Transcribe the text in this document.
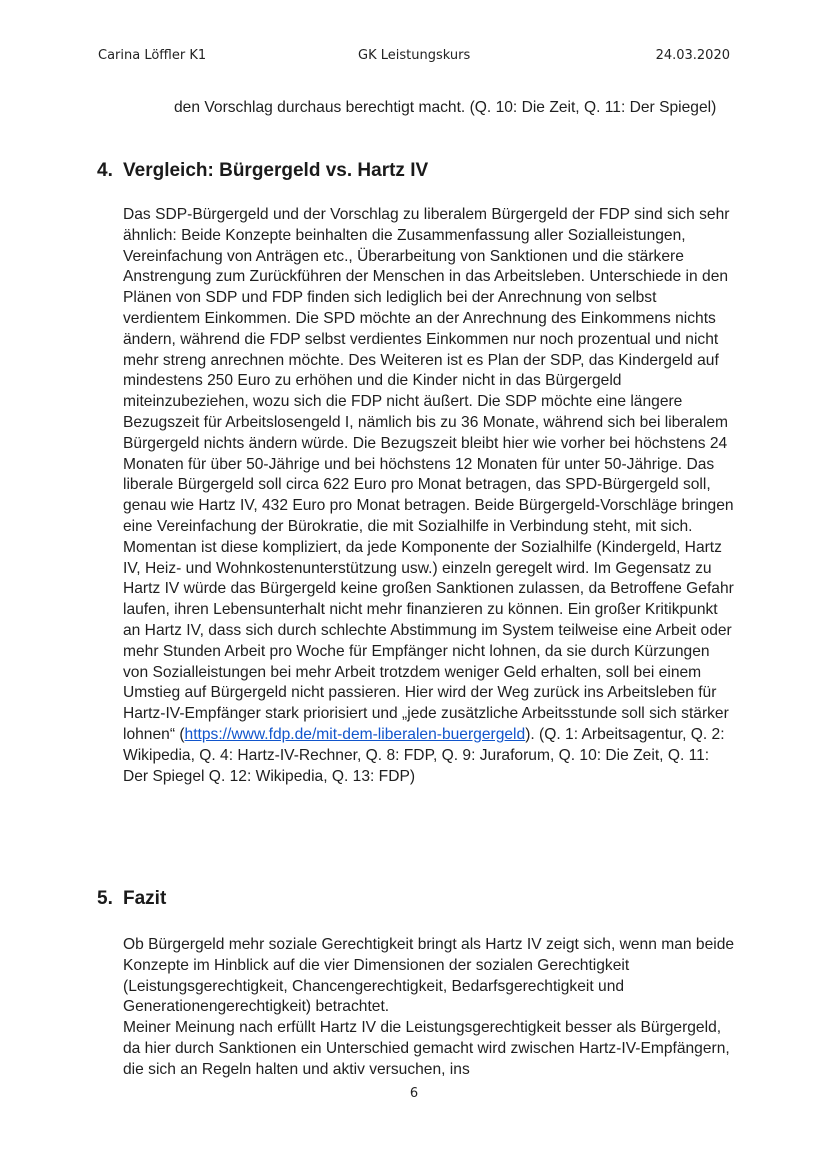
Carina Löffler K1	GK Leistungskurs	24.03.2020

den Vorschlag durchaus berechtigt macht. (Q. 10: Die Zeit, Q. 11: Der Spiegel)

4. Vergleich: Bürgergeld vs. Hartz IV

Das SDP-Bürgergeld und der Vorschlag zu liberalem Bürgergeld der FDP sind sich sehr ähnlich: Beide Konzepte beinhalten die Zusammenfassung aller Sozialleistungen, Vereinfachung von Anträgen etc., Überarbeitung von Sanktionen und die stärkere Anstrengung zum Zurückführen der Menschen in das Arbeitsleben. Unterschiede in den Plänen von SDP und FDP finden sich lediglich bei der Anrechnung von selbst verdientem Einkommen. Die SPD möchte an der Anrechnung des Einkommens nichts ändern, während die FDP selbst verdientes Einkommen nur noch prozentual und nicht mehr streng anrechnen möchte. Des Weiteren ist es Plan der SDP, das Kindergeld auf mindestens 250 Euro zu erhöhen und die Kinder nicht in das Bürgergeld miteinzubeziehen, wozu sich die FDP nicht äußert. Die SDP möchte eine längere Bezugszeit für Arbeitslosengeld I, nämlich bis zu 36 Monate, während sich bei liberalem Bürgergeld nichts ändern würde. Die Bezugszeit bleibt hier wie vorher bei höchstens 24 Monaten für über 50-Jährige und bei höchstens 12 Monaten für unter 50-Jährige. Das liberale Bürgergeld soll circa 622 Euro pro Monat betragen, das SPD-Bürgergeld soll, genau wie Hartz IV, 432 Euro pro Monat betragen. Beide Bürgergeld-Vorschläge bringen eine Vereinfachung der Bürokratie, die mit Sozialhilfe in Verbindung steht, mit sich. Momentan ist diese kompliziert, da jede Komponente der Sozialhilfe (Kindergeld, Hartz IV, Heiz- und Wohnkostenunterstützung usw.) einzeln geregelt wird. Im Gegensatz zu Hartz IV würde das Bürgergeld keine großen Sanktionen zulassen, da Betroffene Gefahr laufen, ihren Lebensunterhalt nicht mehr finanzieren zu können. Ein großer Kritikpunkt an Hartz IV, dass sich durch schlechte Abstimmung im System teilweise eine Arbeit oder mehr Stunden Arbeit pro Woche für Empfänger nicht lohnen, da sie durch Kürzungen von Sozialleistungen bei mehr Arbeit trotzdem weniger Geld erhalten, soll bei einem Umstieg auf Bürgergeld nicht passieren. Hier wird der Weg zurück ins Arbeitsleben für Hartz-IV-Empfänger stark priorisiert und „jede zusätzliche Arbeitsstunde soll sich stärker lohnen“ (https://www.fdp.de/mit-dem-liberalen-buergergeld). (Q. 1: Arbeitsagentur, Q. 2: Wikipedia, Q. 4: Hartz-IV-Rechner, Q. 8: FDP, Q. 9: Juraforum, Q. 10: Die Zeit, Q. 11: Der Spiegel Q. 12: Wikipedia, Q. 13: FDP)

5. Fazit
Ob Bürgergeld mehr soziale Gerechtigkeit bringt als Hartz IV zeigt sich, wenn man beide Konzepte im Hinblick auf die vier Dimensionen der sozialen Gerechtigkeit (Leistungsgerechtigkeit, Chancengerechtigkeit, Bedarfsgerechtigkeit und Generationengerechtigkeit) betrachtet.
Meiner Meinung nach erfüllt Hartz IV die Leistungsgerechtigkeit besser als Bürgergeld, da hier durch Sanktionen ein Unterschied gemacht wird zwischen Hartz-IV-Empfängern, die sich an Regeln halten und aktiv versuchen, ins
6
